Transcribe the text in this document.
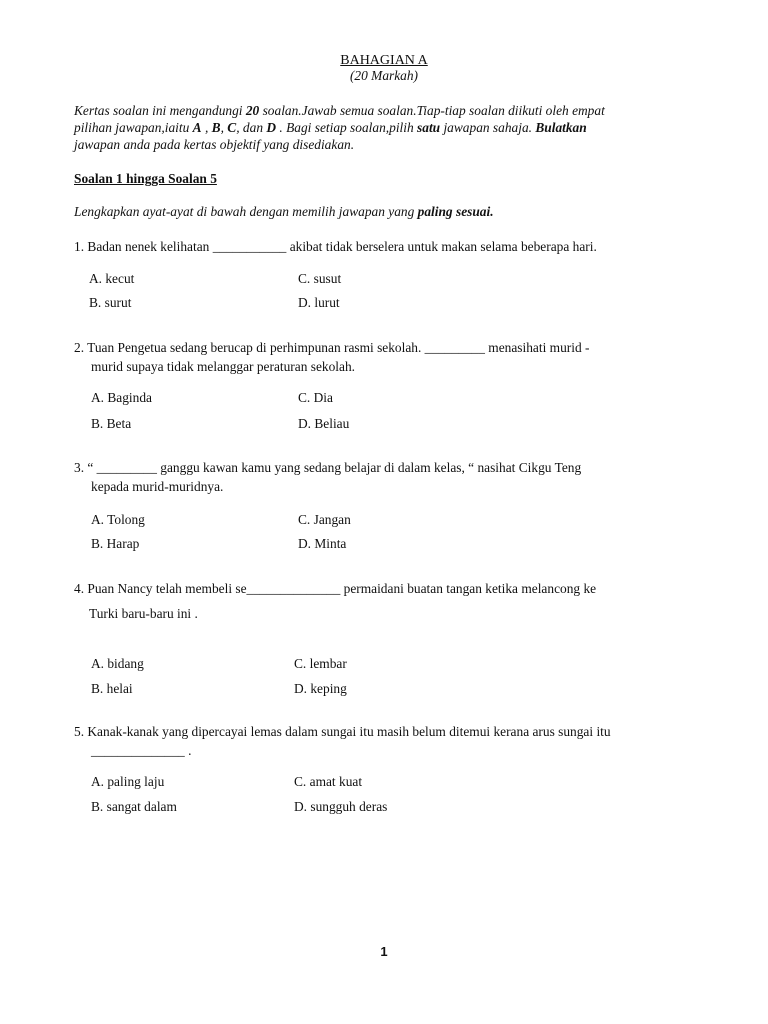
BAHAGIAN A
(20 Markah)
Kertas soalan ini mengandungi 20 soalan.Jawab semua soalan.Tiap-tiap soalan diikuti oleh empat
pilihan jawapan,iaitu A , B, C, dan D . Bagi setiap soalan,pilih satu jawapan sahaja. Bulatkan
jawapan anda pada kertas objektif yang disediakan.
Soalan 1 hingga Soalan 5
Lengkapkan ayat-ayat di bawah dengan memilih jawapan yang paling sesuai.
1. Badan nenek kelihatan ___________ akibat tidak berselera untuk makan selama beberapa hari.
A. kecut
B. surut
C. susut
D. lurut
2. Tuan Pengetua sedang berucap di perhimpunan rasmi sekolah. _________ menasihati murid -
murid supaya tidak melanggar peraturan sekolah.
A. Baginda
B. Beta
C. Dia
D. Beliau
3. “ _________ ganggu kawan kamu yang sedang belajar di dalam kelas, “ nasihat Cikgu Teng
kepada murid-muridnya.
A. Tolong
B. Harap
C. Jangan
D. Minta
4. Puan Nancy telah membeli se______________ permaidani buatan tangan ketika melancong ke
Turki baru-baru ini .
A. bidang
B. helai
C. lembar
D. keping
5. Kanak-kanak yang dipercayai lemas dalam sungai itu masih belum ditemui kerana arus sungai itu
______________ .
A. paling laju
B. sangat dalam
C. amat kuat
D. sungguh deras
1
